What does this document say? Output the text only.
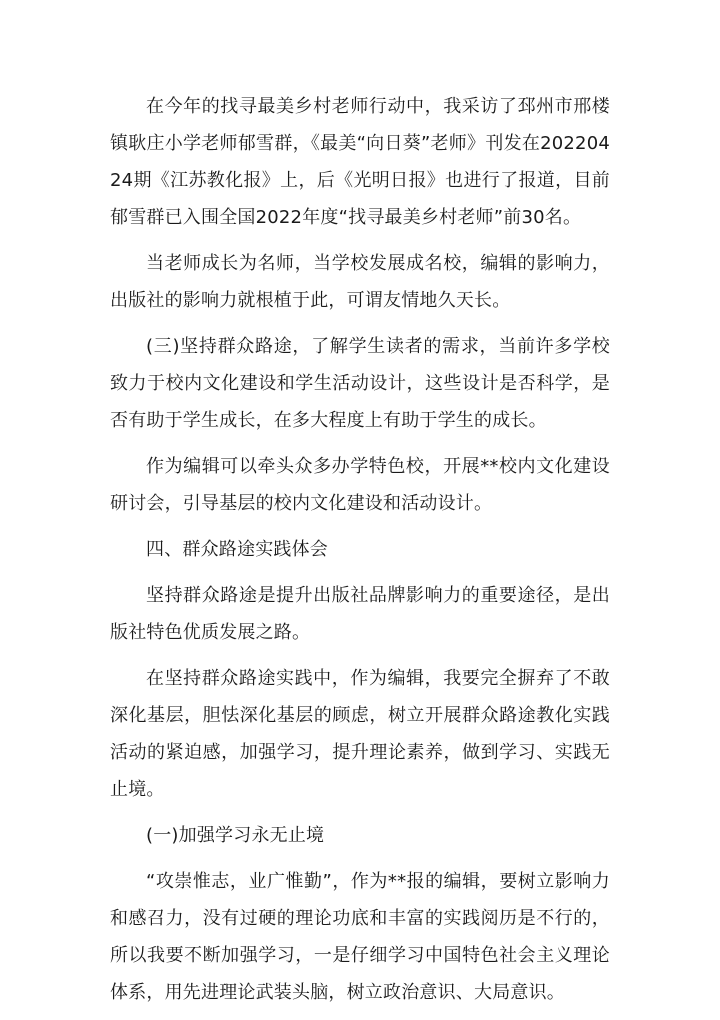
在今年的找寻最美乡村老师行动中，我采访了邳州市邢楼镇耿庄小学老师郁雪群，《最美“向日葵”老师》刊发在20220424期《江苏教化报》上，后《光明日报》也进行了报道，目前郁雪群已入围全国2022年度“找寻最美乡村老师”前30名。

当老师成长为名师，当学校发展成名校，编辑的影响力，出版社的影响力就根植于此，可谓友情地久天长。

(三)坚持群众路途，了解学生读者的需求，当前许多学校致力于校内文化建设和学生活动设计，这些设计是否科学，是否有助于学生成长，在多大程度上有助于学生的成长。

作为编辑可以牵头众多办学特色校，开展**校内文化建设研讨会，引导基层的校内文化建设和活动设计。

四、群众路途实践体会

坚持群众路途是提升出版社品牌影响力的重要途径，是出版社特色优质发展之路。

在坚持群众路途实践中，作为编辑，我要完全摒弃了不敢深化基层，胆怯深化基层的顾虑，树立开展群众路途教化实践活动的紧迫感，加强学习，提升理论素养，做到学习、实践无止境。

(一)加强学习永无止境

“攻崇惟志，业广惟勤”，作为**报的编辑，要树立影响力和感召力，没有过硬的理论功底和丰富的实践阅历是不行的，所以我要不断加强学习，一是仔细学习中国特色社会主义理论体系，用先进理论武装头脑，树立政治意识、大局意识。
